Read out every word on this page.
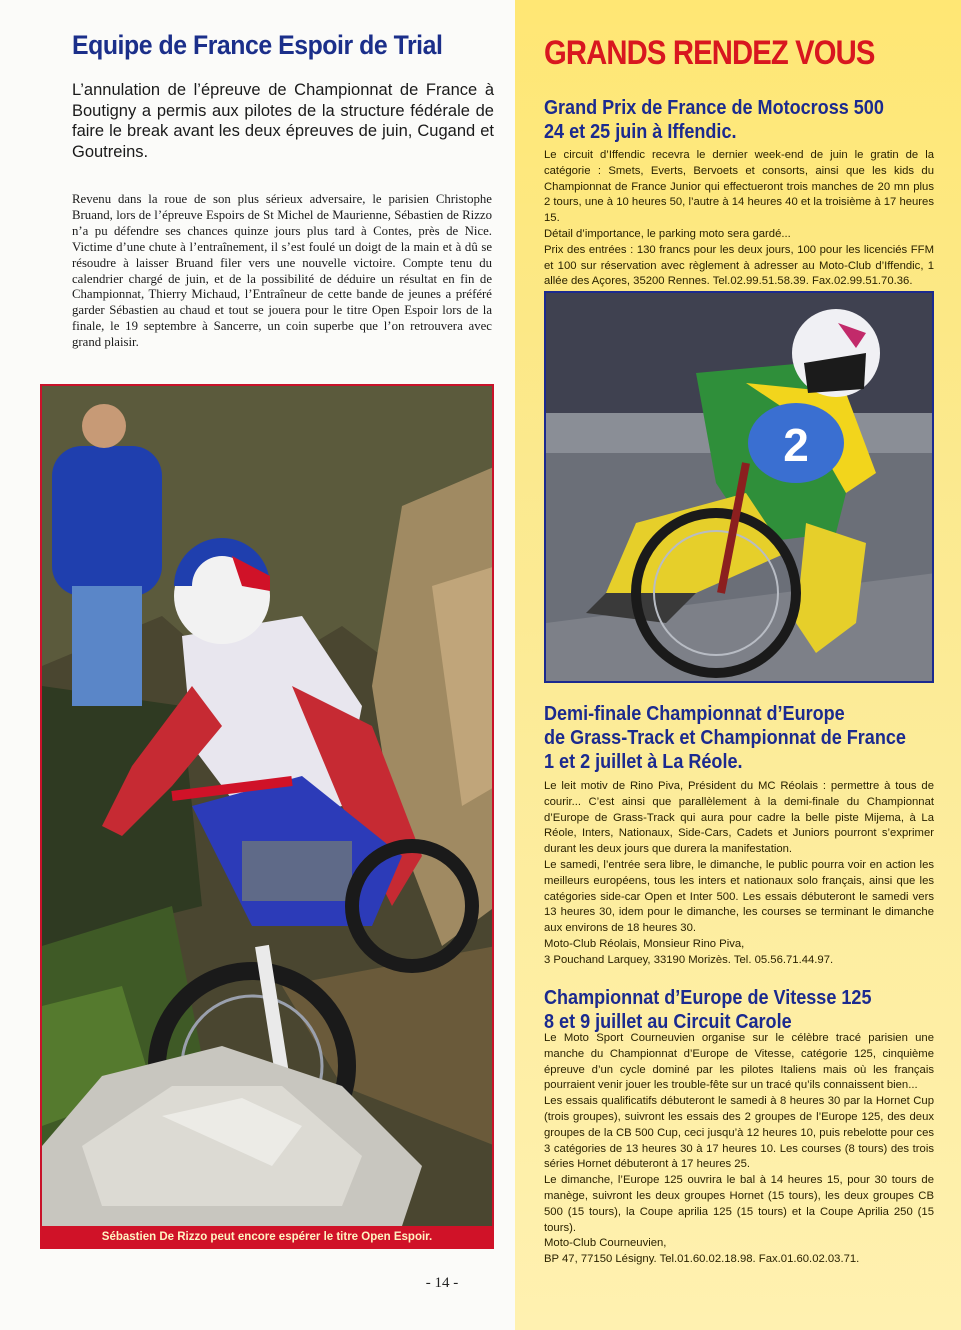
Equipe de France Espoir de Trial
L’annulation de l’épreuve de Championnat de France à Boutigny a permis aux pilotes de la structure fédérale de faire le break avant les deux épreuves de juin, Cugand et Goutreins.
Revenu dans la roue de son plus sérieux adversaire, le parisien Christophe Bruand, lors de l’épreuve Espoirs de St Michel de Maurienne, Sébastien de Rizzo n’a pu défendre ses chances quinze jours plus tard à Contes, près de Nice. Victime d’une chute à l’entraînement, il s’est foulé un doigt de la main et à dû se résoudre à laisser Bruand filer vers une nouvelle victoire. Compte tenu du calendrier chargé de juin, et de la possibilité de déduire un résultat en fin de Championnat, Thierry Michaud, l’Entraîneur de cette bande de jeunes a préféré garder Sébastien au chaud et tout se jouera pour le titre Open Espoir lors de la finale, le 19 septembre à Sancerre, un coin superbe que l’on retrouvera avec grand plaisir.
Sébastien De Rizzo peut encore espérer le titre Open Espoir.
- 14 -
GRANDS RENDEZ VOUS
Grand Prix de France de Motocross 500
24 et 25 juin à Iffendic.

Le circuit d’Iffendic recevra le dernier week-end de juin le gratin de la catégorie : Smets, Everts, Bervoets et consorts, ainsi que les kids du Championnat de France Junior qui effectueront trois manches de 20 mn plus 2 tours, une à 10 heures 50, l’autre à 14 heures 40 et la troisième à 17 heures 15.

Détail d’importance, le parking moto sera gardé...

Prix des entrées : 130 francs pour les deux jours, 100 pour les licenciés FFM et 100 sur réservation avec règlement à adresser au Moto-Club d’Iffendic, 1 allée des Açores, 35200 Rennes. Tel.02.99.51.58.39. Fax.02.99.51.70.36.

2
Demi-finale Championnat d’Europe
de Grass-Track et Championnat de France
1 et 2 juillet à La Réole.

Le leit motiv de Rino Piva, Président du MC Réolais : permettre à tous de courir... C’est ainsi que parallèlement à la demi-finale du Championnat d’Europe de Grass-Track qui aura pour cadre la belle piste Mijema, à La Réole, Inters, Nationaux, Side-Cars, Cadets et Juniors pourront s’exprimer durant les deux jours que durera la manifestation.

Le samedi, l’entrée sera libre, le dimanche, le public pourra voir en action les meilleurs européens, tous les inters et nationaux solo français, ainsi que les catégories side-car Open et Inter 500. Les essais débuteront le samedi vers 13 heures 30, idem pour le dimanche, les courses se terminant le dimanche aux environs de 18 heures 30.

Moto-Club Réolais, Monsieur Rino Piva,

3 Pouchand Larquey, 33190 Morizès. Tel. 05.56.71.44.97.

Championnat d’Europe de Vitesse 125
8 et 9 juillet au Circuit Carole

Le Moto Sport Courneuvien organise sur le célèbre tracé parisien une manche du Championnat d’Europe de Vitesse, catégorie 125, cinquième épreuve d’un cycle dominé par les pilotes Italiens mais où les français pourraient venir jouer les trouble-fête sur un tracé qu’ils connaissent bien...

Les essais qualificatifs débuteront le samedi à 8 heures 30 par la Hornet Cup (trois groupes), suivront les essais des 2 groupes de l’Europe 125, des deux groupes de la CB 500 Cup, ceci jusqu’à 12 heures 10, puis rebelotte pour ces 3 catégories de 13 heures 30 à 17 heures 10. Les courses (8 tours) des trois séries Hornet débuteront à 17 heures 25.

Le dimanche, l’Europe 125 ouvrira le bal à 14 heures 15, pour 30 tours de manège, suivront les deux groupes Hornet (15 tours), les deux groupes CB 500 (15 tours), la Coupe aprilia 125 (15 tours) et la Coupe Aprilia 250 (15 tours).

Moto-Club Courneuvien,

BP 47, 77150 Lésigny. Tel.01.60.02.18.98. Fax.01.60.02.03.71.
